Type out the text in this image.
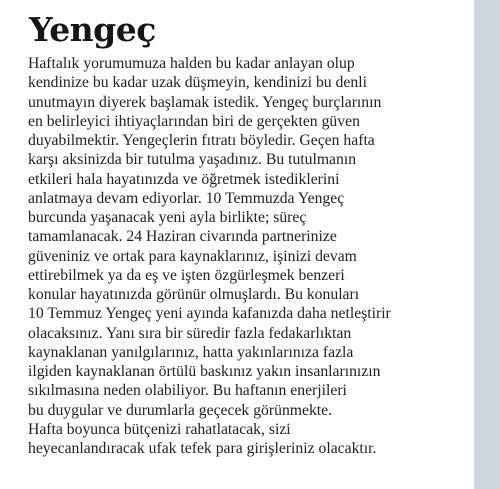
Yengeç
Haftalık yorumumuza halden bu kadar anlayan olup
kendinize bu kadar uzak düşmeyin, kendinizi bu denli
unutmayın diyerek başlamak istedik. Yengeç burçlarının
en belirleyici ihtiyaçlarından biri de gerçekten güven
duyabilmektir. Yengeçlerin fıtratı böyledir. Geçen hafta
karşı aksinizda bir tutulma yaşadınız. Bu tutulmanın
etkileri hala hayatınızda ve öğretmek istediklerini
anlatmaya devam ediyorlar. 10 Temmuzda Yengeç
burcunda yaşanacak yeni ayla birlikte; süreç
tamamlanacak. 24 Haziran civarında partnerinize
güveniniz ve ortak para kaynaklarınız, işinizi devam
ettirebilmek ya da eş ve işten özgürleşmek benzeri
konular hayatınızda görünür olmuşlardı. Bu konuları
10 Temmuz Yengeç yeni ayında kafanızda daha netleştirir
olacaksınız. Yanı sıra bir süredir fazla fedakarlıktan
kaynaklanan yanılgılarınız, hatta yakınlarınıza fazla
ilgiden kaynaklanan örtülü baskınız yakın insanlarınızın
sıkılmasına neden olabiliyor. Bu haftanın enerjileri
bu duygular ve durumlarla geçecek görünmekte.
Hafta boyunca bütçenizi rahatlatacak, sizi
heyecanlandıracak ufak tefek para girişleriniz olacaktır.
